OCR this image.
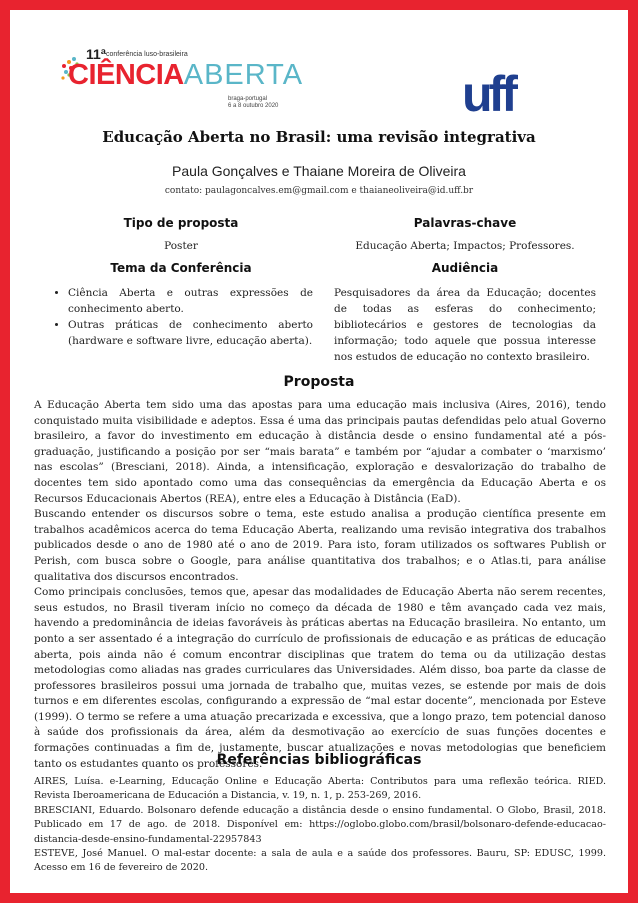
11ª conferência luso-brasileira
CIÊNCIAABERTA
braga-portugal
6 a 8 outubro 2020	uff
Educação Aberta no Brasil: uma revisão integrativa
Paula Gonçalves e Thaiane Moreira de Oliveira
contato: paulagoncalves.em@gmail.com e thaianeoliveira@id.uff.br
Tipo de proposta
Poster
Palavras-chave
Educação Aberta; Impactos; Professores.
Tema da Conferência	Audiência
• Ciência Aberta e outras expressões de conhecimento aberto.
• Outras práticas de conhecimento aberto (hardware e software livre, educação aberta).
Pesquisadores da área da Educação; docentes de todas as esferas do conhecimento; bibliotecários e gestores de tecnologias da informação; todo aquele que possua interesse nos estudos de educação no contexto brasileiro.
Proposta

A Educação Aberta tem sido uma das apostas para uma educação mais inclusiva (Aires, 2016), tendo conquistado muita visibilidade e adeptos. Essa é uma das principais pautas defendidas pelo atual Governo brasileiro, a favor do investimento em educação à distância desde o ensino fundamental até a pós-graduação, justificando a posição por ser “mais barata” e também por “ajudar a combater o ‘marxismo’ nas escolas” (Bresciani, 2018). Ainda, a intensificação, exploração e desvalorização do trabalho de docentes tem sido apontado como uma das consequências da emergência da Educação Aberta e os Recursos Educacionais Abertos (REA), entre eles a Educação à Distância (EaD).

Buscando entender os discursos sobre o tema, este estudo analisa a produção científica presente em trabalhos acadêmicos acerca do tema Educação Aberta, realizando uma revisão integrativa dos trabalhos publicados desde o ano de 1980 até o ano de 2019. Para isto, foram utilizados os softwares Publish or Perish, com busca sobre o Google, para análise quantitativa dos trabalhos; e o Atlas.ti, para análise qualitativa dos discursos encontrados.

Como principais conclusões, temos que, apesar das modalidades de Educação Aberta não serem recentes, seus estudos, no Brasil tiveram início no começo da década de 1980 e têm avançado cada vez mais, havendo a predominância de ideias favoráveis às práticas abertas na Educação brasileira. No entanto, um ponto a ser assentado é a integração do currículo de profissionais de educação e as práticas de educação aberta, pois ainda não é comum encontrar disciplinas que tratem do tema ou da utilização destas metodologias como aliadas nas grades curriculares das Universidades. Além disso, boa parte da classe de professores brasileiros possui uma jornada de trabalho que, muitas vezes, se estende por mais de dois turnos e em diferentes escolas, configurando a expressão de “mal estar docente”, mencionada por Esteve (1999). O termo se refere a uma atuação precarizada e excessiva, que a longo prazo, tem potencial danoso à saúde dos profissionais da área, além da desmotivação ao exercício de suas funções docentes e formações continuadas a fim de, justamente, buscar atualizações e novas metodologias que beneficiem tanto os estudantes quanto os professores.

Referências bibliográficas

AIRES, Luísa. e-Learning, Educação Online e Educação Aberta: Contributos para uma reflexão teórica. RIED. Revista Iberoamericana de Educación a Distancia, v. 19, n. 1, p. 253-269, 2016.

BRESCIANI, Eduardo. Bolsonaro defende educação a distância desde o ensino fundamental. O Globo, Brasil, 2018. Publicado em 17 de ago. de 2018. Disponível em: https://oglobo.globo.com/brasil/bolsonaro-defende-educacao-distancia-desde-ensino-fundamental-22957843

ESTEVE, José Manuel. O mal-estar docente: a sala de aula e a saúde dos professores. Bauru, SP: EDUSC, 1999. Acesso em 16 de fevereiro de 2020.
